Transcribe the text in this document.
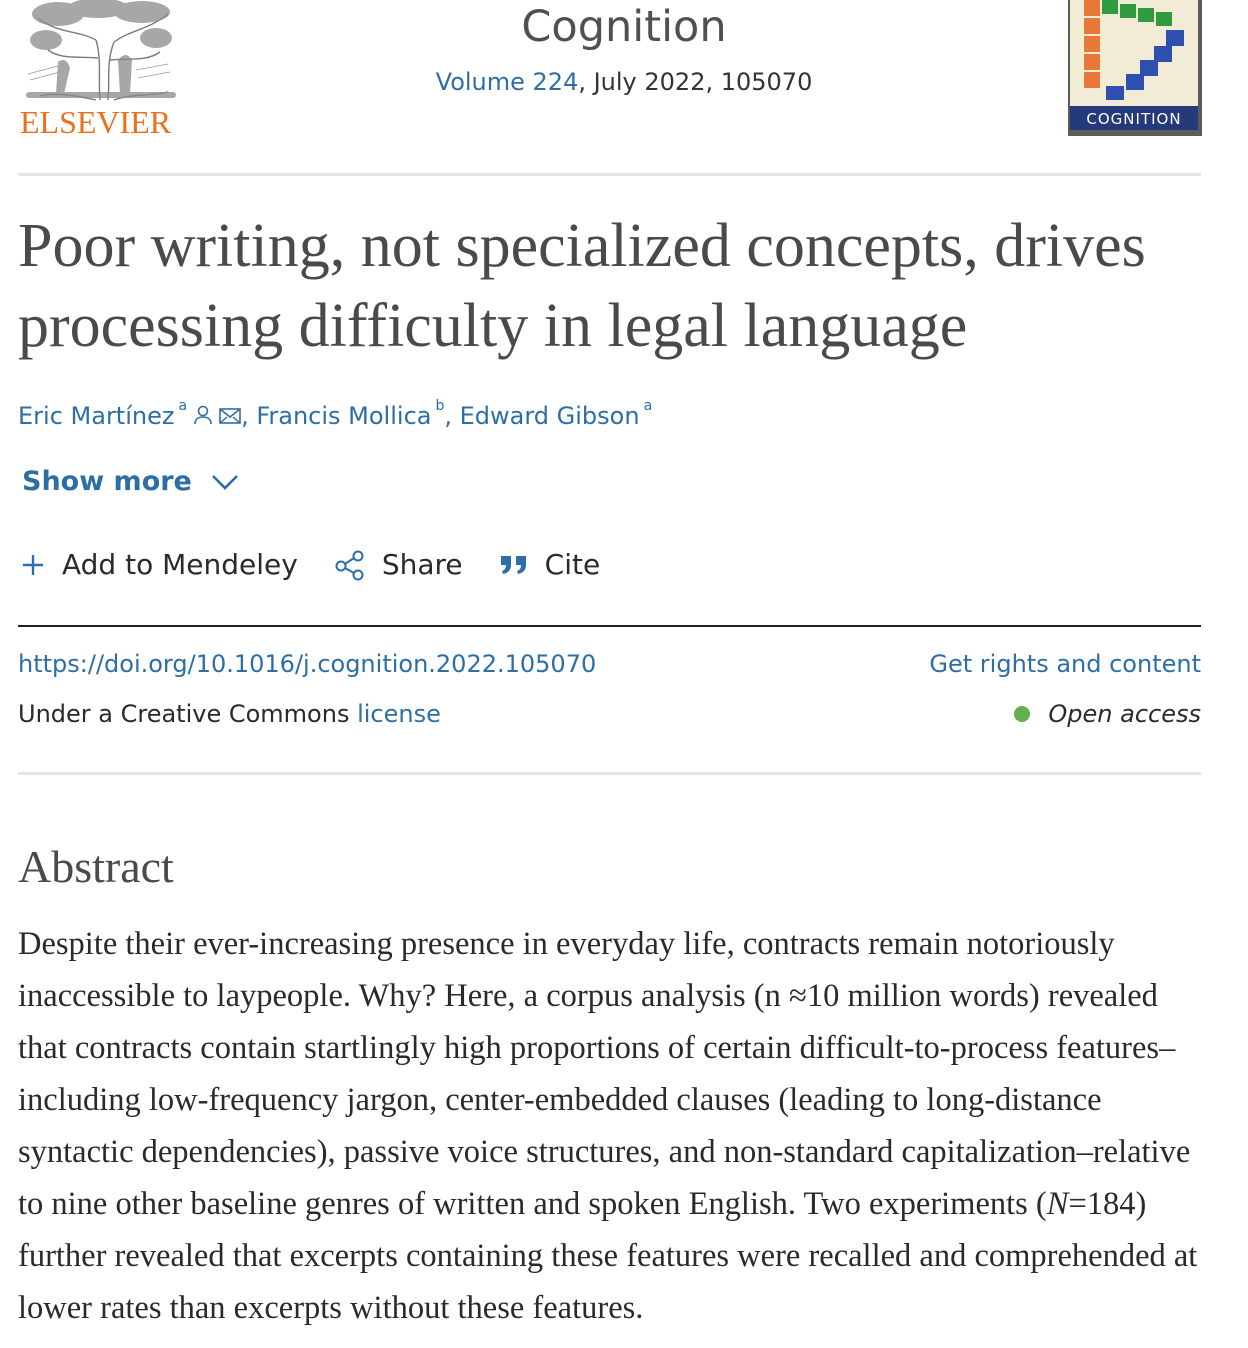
ELSEVIER
Cognition
Volume 224, July 2022, 105070
COGNITION
Poor writing, not specialized concepts, drives processing difficulty in legal language
Eric Martínez $^a$ , Francis Mollica $^b$, Edward Gibson $^a$
Show more
Add to Mendeley	Share	Cite
https://doi.org/10.1016/j.cognition.2022.105070	Get rights and content
Under a Creative Commons license	Open access
Abstract

Despite their ever-increasing presence in everyday life, contracts remain notoriously inaccessible to laypeople. Why? Here, a corpus analysis (n ≈10 million words) revealed that contracts contain startlingly high proportions of certain difficult-to-process features–including low-frequency jargon, center-embedded clauses (leading to long-distance syntactic dependencies), passive voice structures, and non-standard capitalization–relative to nine other baseline genres of written and spoken English. Two experiments (N=184) further revealed that excerpts containing these features were recalled and comprehended at lower rates than excerpts without these features.
